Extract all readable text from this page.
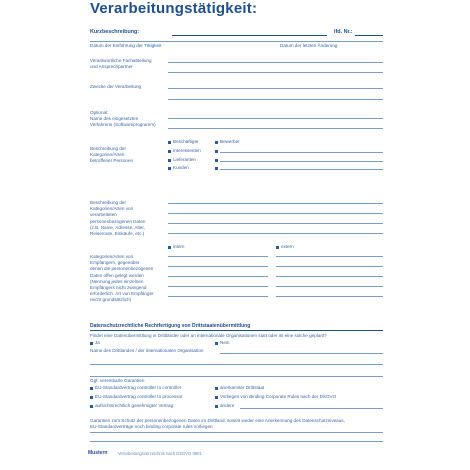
Verarbeitungstätigkeit:
Kurzbeschreibung:	lfd. Nr.:
Datum der Einführung der Tätigkeit	Datum der letzten Änderung
Verantwortliche Fachabteilung
und Ansprechpartner
Zwecke der Verarbeitung
Optional:
Name des eingesetzten
Verfahrens (Softwareprogramm)
Beschreibung der
Kategorien/Arten
betroffener Personen
Beschäftigte	Bewerber
Interessenten
Lieferanten
Kunden
Beschreibung der
Kategorien/Arten von
verarbeiteten
personenbezogenen Daten
(z.B. Name, Adresse, Alter,
Reiseroute, Einkäufe, etc.)
intern	extern
Kategorien/Arten von
Empfängern, gegenüber
denen die personenbezogenen
Daten offen gelegt werden
(Nennung jedes einzelnen
Empfängers nicht zwingend
erforderlich. Art von Empfänger
reicht grundsätzlich)
Datenschutzrechtliche Rechtfertigung von Drittstaatenübermittlung
Findet eine Datenübermittlung in Drittländer oder an internationale Organisationen statt oder ist eine solche geplant?
Ja	Nein
Name des Drittlandes / der internationalen Organisation
Ggf. vereinbarte Garantien
EU-Standardvertrag controller to controller	anerkannter Drittstaat
EU-Standardvertrag controller to processor	Vorliegen von Binding Corporate Rules nach der DSGVO
aufsichtsrechtlich genehmigter Vertrag	andere
Garantien zum Schutz der personenbezogenen Daten im Drittland, soweit weder eine Anerkennung des Datenschutzniveaus,
EU-Standardverträge noch binding corporate rules vorliegen
Mustern	Verarbeitungsverzeichnis nach DSGVO 9901
